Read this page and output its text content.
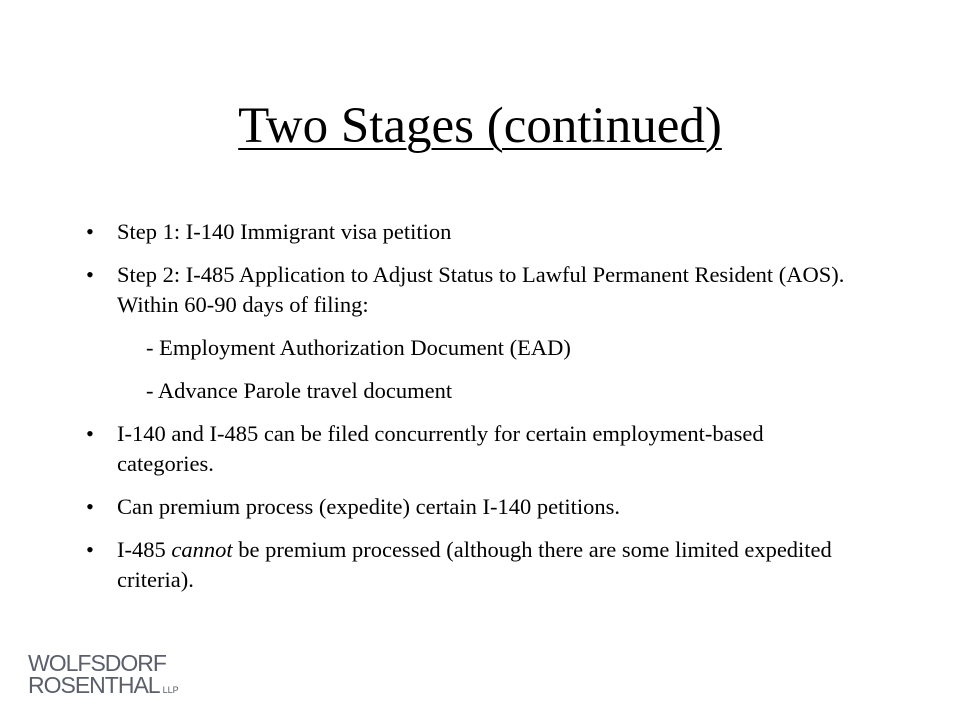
Two Stages (continued)
• Step 1: I-140 Immigrant visa petition
• Step 2: I-485 Application to Adjust Status to Lawful Permanent Resident (AOS). Within 60-90 days of filing:
- Employment Authorization Document (EAD)
- Advance Parole travel document
• I-140 and I-485 can be filed concurrently for certain employment-based categories.
• Can premium process (expedite) certain I-140 petitions.
• I-485 cannot be premium processed (although there are some limited expedited criteria).
WOLFSDORF
ROSENTHAL LLP
